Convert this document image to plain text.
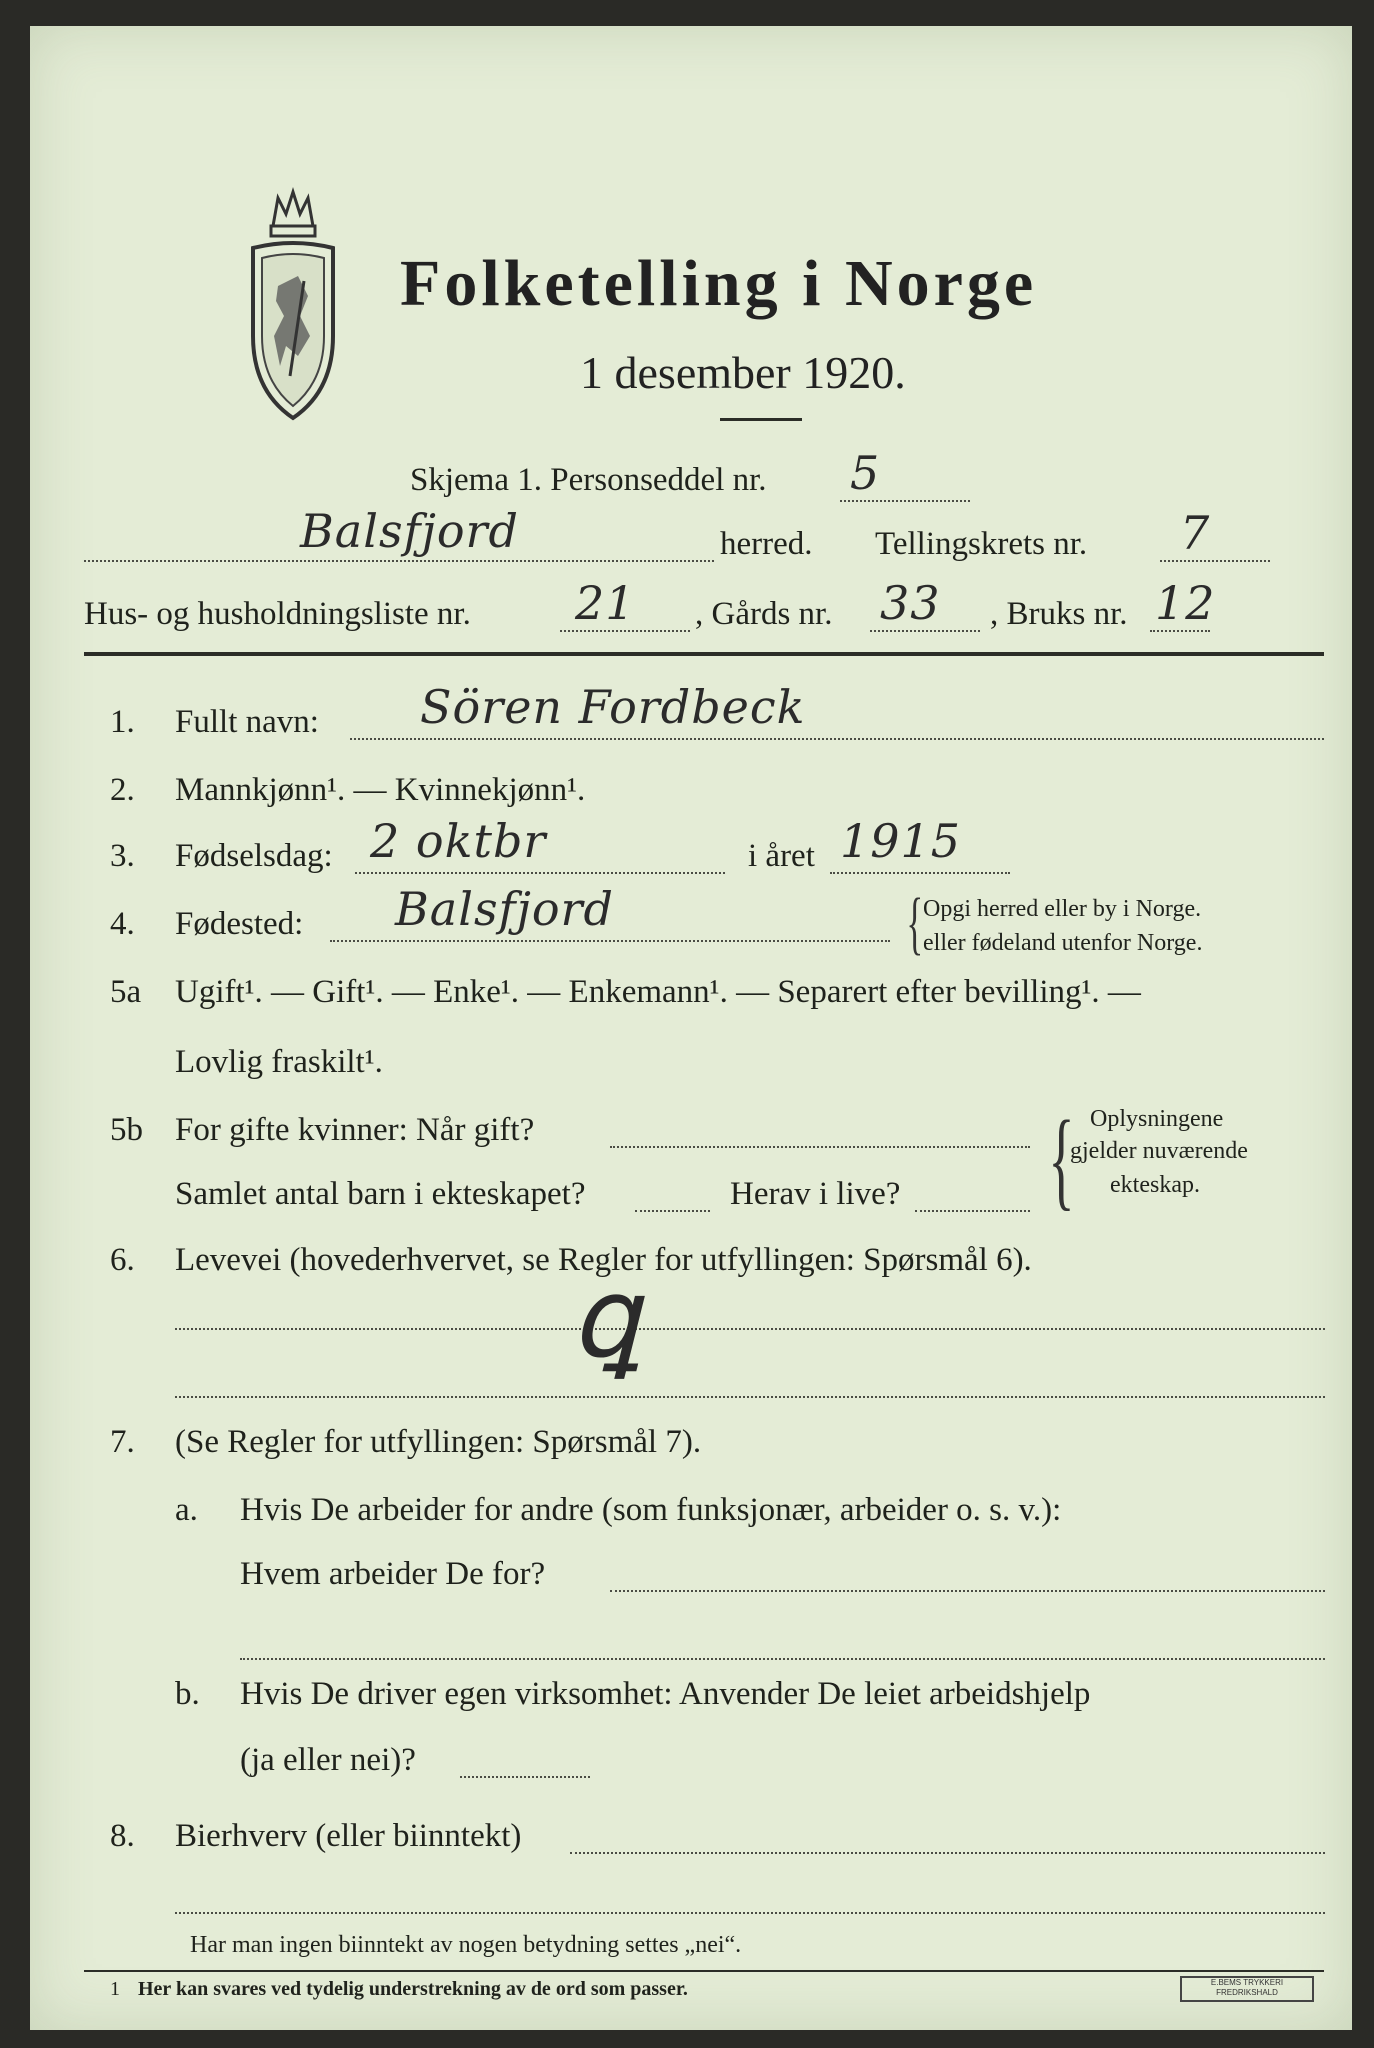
Folketelling i Norge
1 desember 1920.
Skjema 1. Personseddel nr. 5
Balsfjord	herred. Tellingskrets nr. 7
Hus- og husholdningsliste nr. 21 , Gårds nr. 33 , Bruks nr. 12
1. Fullt navn: Sören Fordbeck
2. Mannkjønn¹. — Kvinnekjønn¹.
3. Fødselsdag: 2 oktbr	i året 1915
4. Fødested: Balsfjord	{ Opgi herred eller by i Norge.
eller fødeland utenfor Norge.
5a Ugift¹. — Gift¹. — Enke¹. — Enkemann¹. — Separert efter bevilling¹. —
Lovlig fraskilt¹.
5b For gifte kvinner: Når gift?
Samlet antal barn i ekteskapet?	Herav i live? { Oplysningene
gjelder nuværende
ekteskap.
6. Levevei (hovederhvervet, se Regler for utfyllingen: Spørsmål 6).
ꝗ
7. (Se Regler for utfyllingen: Spørsmål 7).
a. Hvis De arbeider for andre (som funksjonær, arbeider o. s. v.):
Hvem arbeider De for?
b. Hvis De driver egen virksomhet: Anvender De leiet arbeidshjelp
(ja eller nei)?
8. Bierhverv (eller biinntekt)
Har man ingen biinntekt av nogen betydning settes „nei“.
1 Her kan svares ved tydelig understrekning av de ord som passer.	E.BEMS TRYKKERI FREDRIKSHALD
